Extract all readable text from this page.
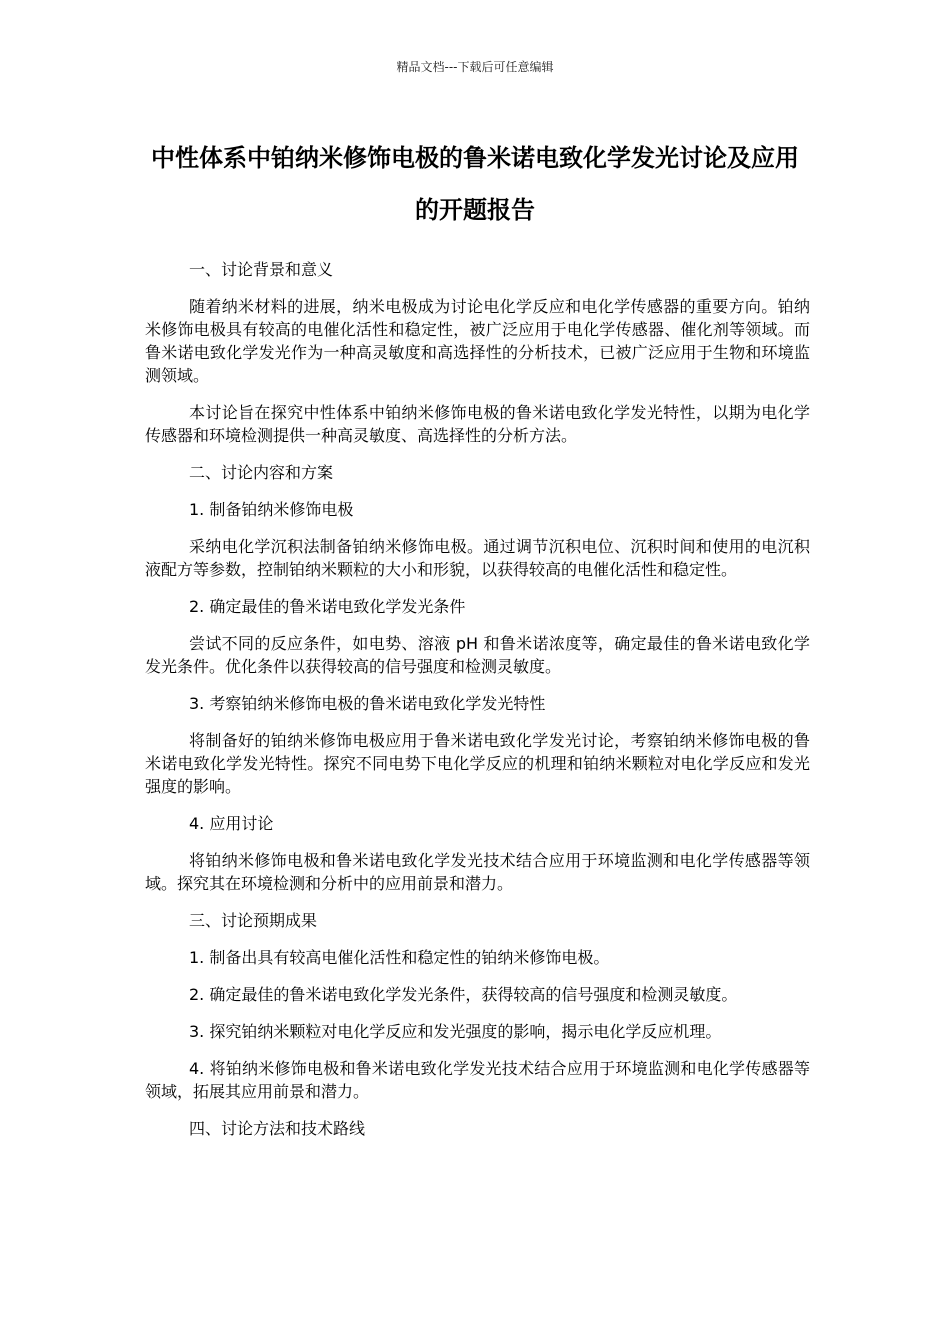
精品文档---下载后可任意编辑
中性体系中铂纳米修饰电极的鲁米诺电致化学发光讨论及应用的开题报告

一、讨论背景和意义

随着纳米材料的进展，纳米电极成为讨论电化学反应和电化学传感器的重要方向。铂纳米修饰电极具有较高的电催化活性和稳定性，被广泛应用于电化学传感器、催化剂等领域。而鲁米诺电致化学发光作为一种高灵敏度和高选择性的分析技术，已被广泛应用于生物和环境监测领域。

本讨论旨在探究中性体系中铂纳米修饰电极的鲁米诺电致化学发光特性，以期为电化学传感器和环境检测提供一种高灵敏度、高选择性的分析方法。

二、讨论内容和方案

1. 制备铂纳米修饰电极

采纳电化学沉积法制备铂纳米修饰电极。通过调节沉积电位、沉积时间和使用的电沉积液配方等参数，控制铂纳米颗粒的大小和形貌，以获得较高的电催化活性和稳定性。

2. 确定最佳的鲁米诺电致化学发光条件

尝试不同的反应条件，如电势、溶液 pH 和鲁米诺浓度等，确定最佳的鲁米诺电致化学发光条件。优化条件以获得较高的信号强度和检测灵敏度。

3. 考察铂纳米修饰电极的鲁米诺电致化学发光特性

将制备好的铂纳米修饰电极应用于鲁米诺电致化学发光讨论，考察铂纳米修饰电极的鲁米诺电致化学发光特性。探究不同电势下电化学反应的机理和铂纳米颗粒对电化学反应和发光强度的影响。

4. 应用讨论

将铂纳米修饰电极和鲁米诺电致化学发光技术结合应用于环境监测和电化学传感器等领域。探究其在环境检测和分析中的应用前景和潜力。

三、讨论预期成果

1. 制备出具有较高电催化活性和稳定性的铂纳米修饰电极。

2. 确定最佳的鲁米诺电致化学发光条件，获得较高的信号强度和检测灵敏度。

3. 探究铂纳米颗粒对电化学反应和发光强度的影响，揭示电化学反应机理。

4. 将铂纳米修饰电极和鲁米诺电致化学发光技术结合应用于环境监测和电化学传感器等领域，拓展其应用前景和潜力。

四、讨论方法和技术路线
